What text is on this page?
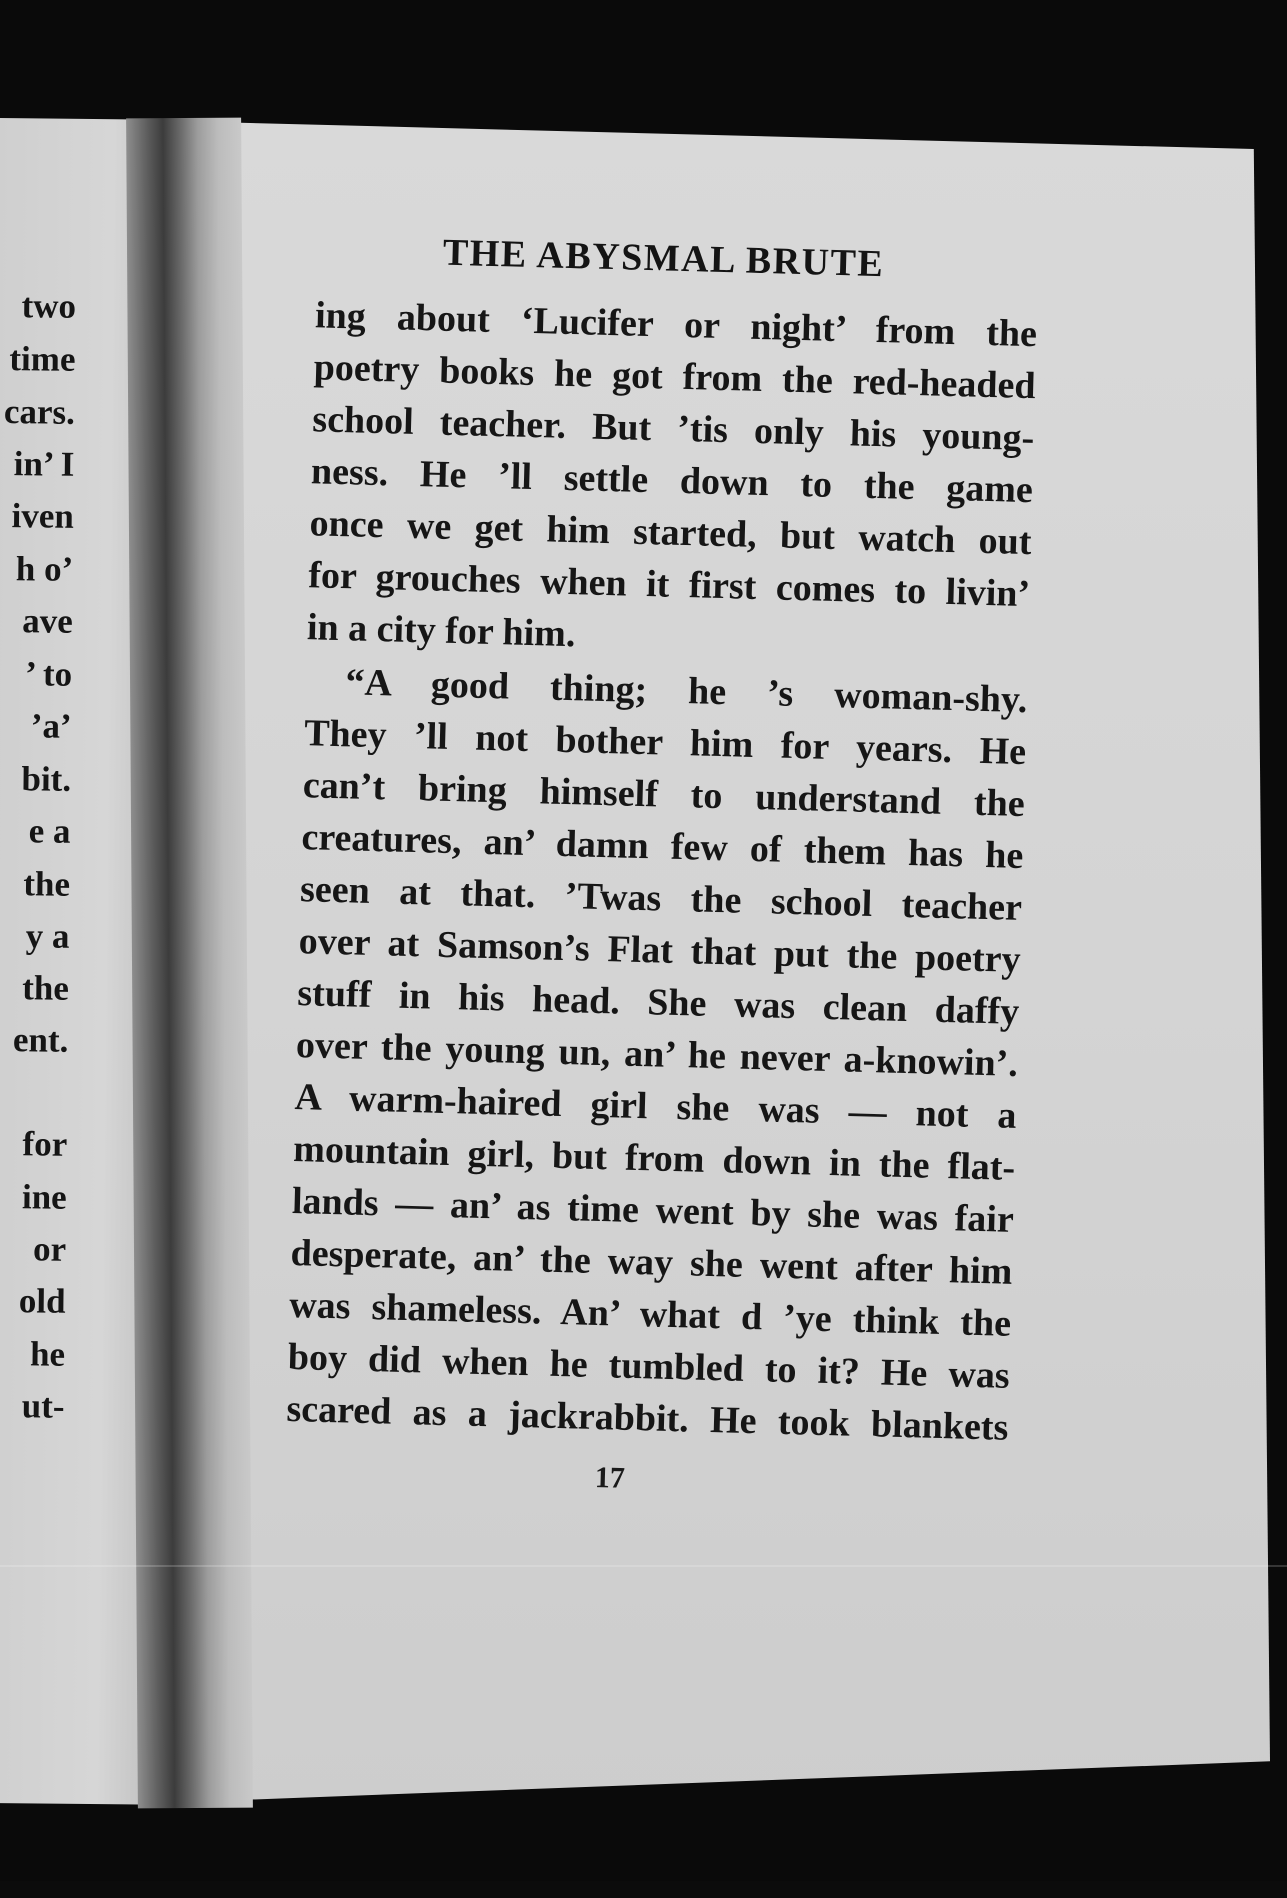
two
time
cars.
in’ I
iven
h o’
ave
’ to
’a’
bit.
e a
the
y a
the
ent.
for
ine
or
old
he
ut-
THE ABYSMAL BRUTE
ing about ‘Lucifer or night’ from the
poetry books he got from the red-headed
school teacher. But ’tis only his young-
ness. He ’ll settle down to the game
once we get him started, but watch out
for grouches when it first comes to livin’
in a city for him.
“A good thing; he ’s woman-shy.
They ’ll not bother him for years. He
can’t bring himself to understand the
creatures, an’ damn few of them has he
seen at that. ’Twas the school teacher
over at Samson’s Flat that put the poetry
stuff in his head. She was clean daffy
over the young un, an’ he never a-knowin’.
A warm-haired girl she was — not a
mountain girl, but from down in the flat-
lands — an’ as time went by she was fair
desperate, an’ the way she went after him
was shameless. An’ what d ’ye think the
boy did when he tumbled to it? He was
scared as a jackrabbit. He took blankets
17
